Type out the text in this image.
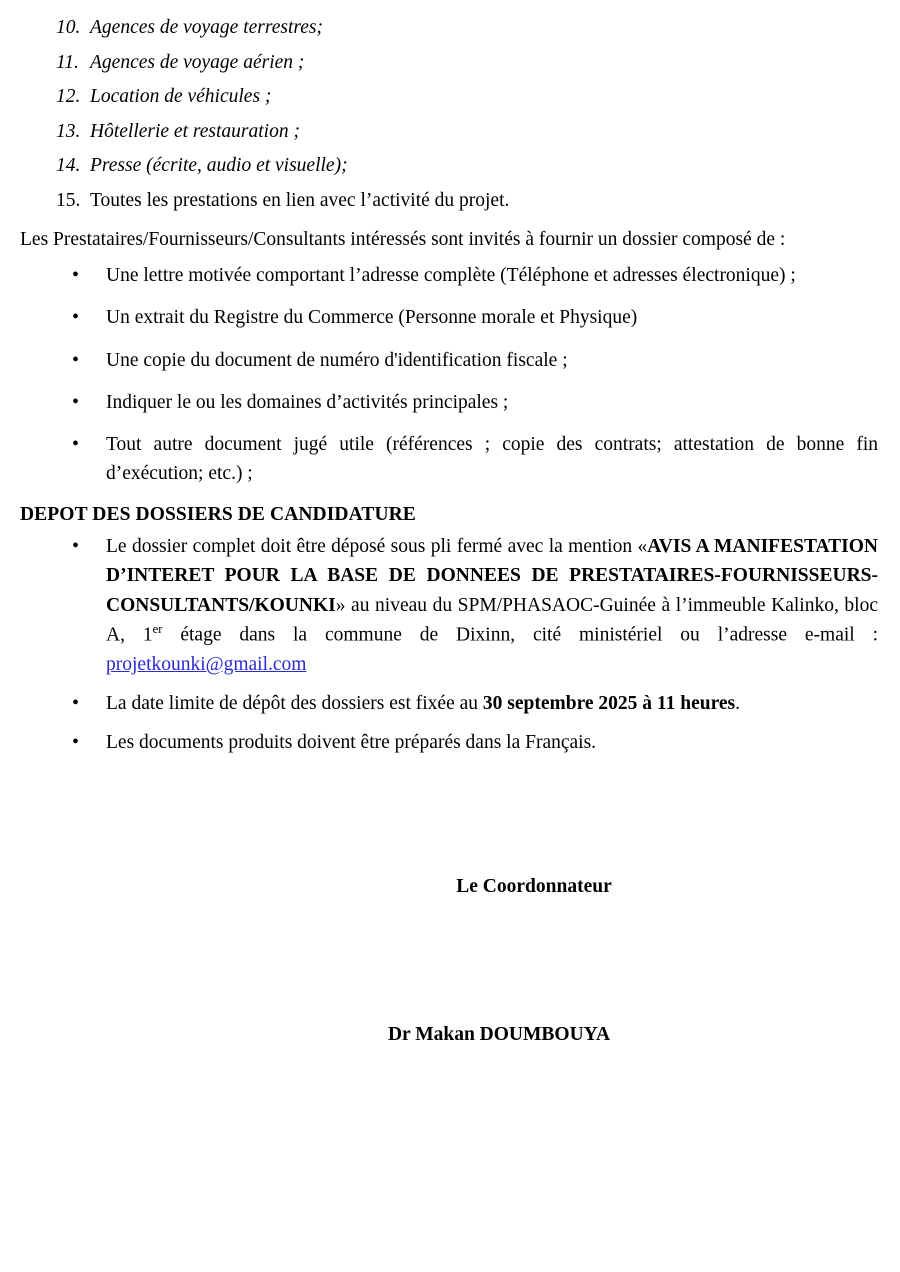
10. Agences de voyage terrestres;
11. Agences de voyage aérien ;
12. Location de véhicules ;
13. Hôtellerie et restauration ;
14. Presse (écrite, audio et visuelle);
15. Toutes les prestations en lien avec l’activité du projet.

Les Prestataires/Fournisseurs/Consultants intéressés sont invités à fournir un dossier composé de :

• Une lettre motivée comportant l’adresse complète (Téléphone et adresses électronique) ;
• Un extrait du Registre du Commerce (Personne morale et Physique)
• Une copie du document de numéro d'identification fiscale ;
• Indiquer le ou les domaines d’activités principales ;
• Tout autre document jugé utile (références ; copie des contrats; attestation de bonne fin d’exécution; etc.) ;
DEPOT DES DOSSIERS DE CANDIDATURE
• Le dossier complet doit être déposé sous pli fermé avec la mention «AVIS A MANIFESTATION D’INTERET POUR LA BASE DE DONNEES DE PRESTATAIRES-FOURNISSEURS-CONSULTANTS/KOUNKI» au niveau du SPM/PHASAOC-Guinée à l’immeuble Kalinko, bloc A, 1er étage dans la commune de Dixinn, cité ministériel ou l’adresse e-mail : projetkounki@gmail.com
• La date limite de dépôt des dossiers est fixée au 30 septembre 2025 à 11 heures.
• Les documents produits doivent être préparés dans la Français.
Le Coordonnateur
Dr Makan DOUMBOUYA
